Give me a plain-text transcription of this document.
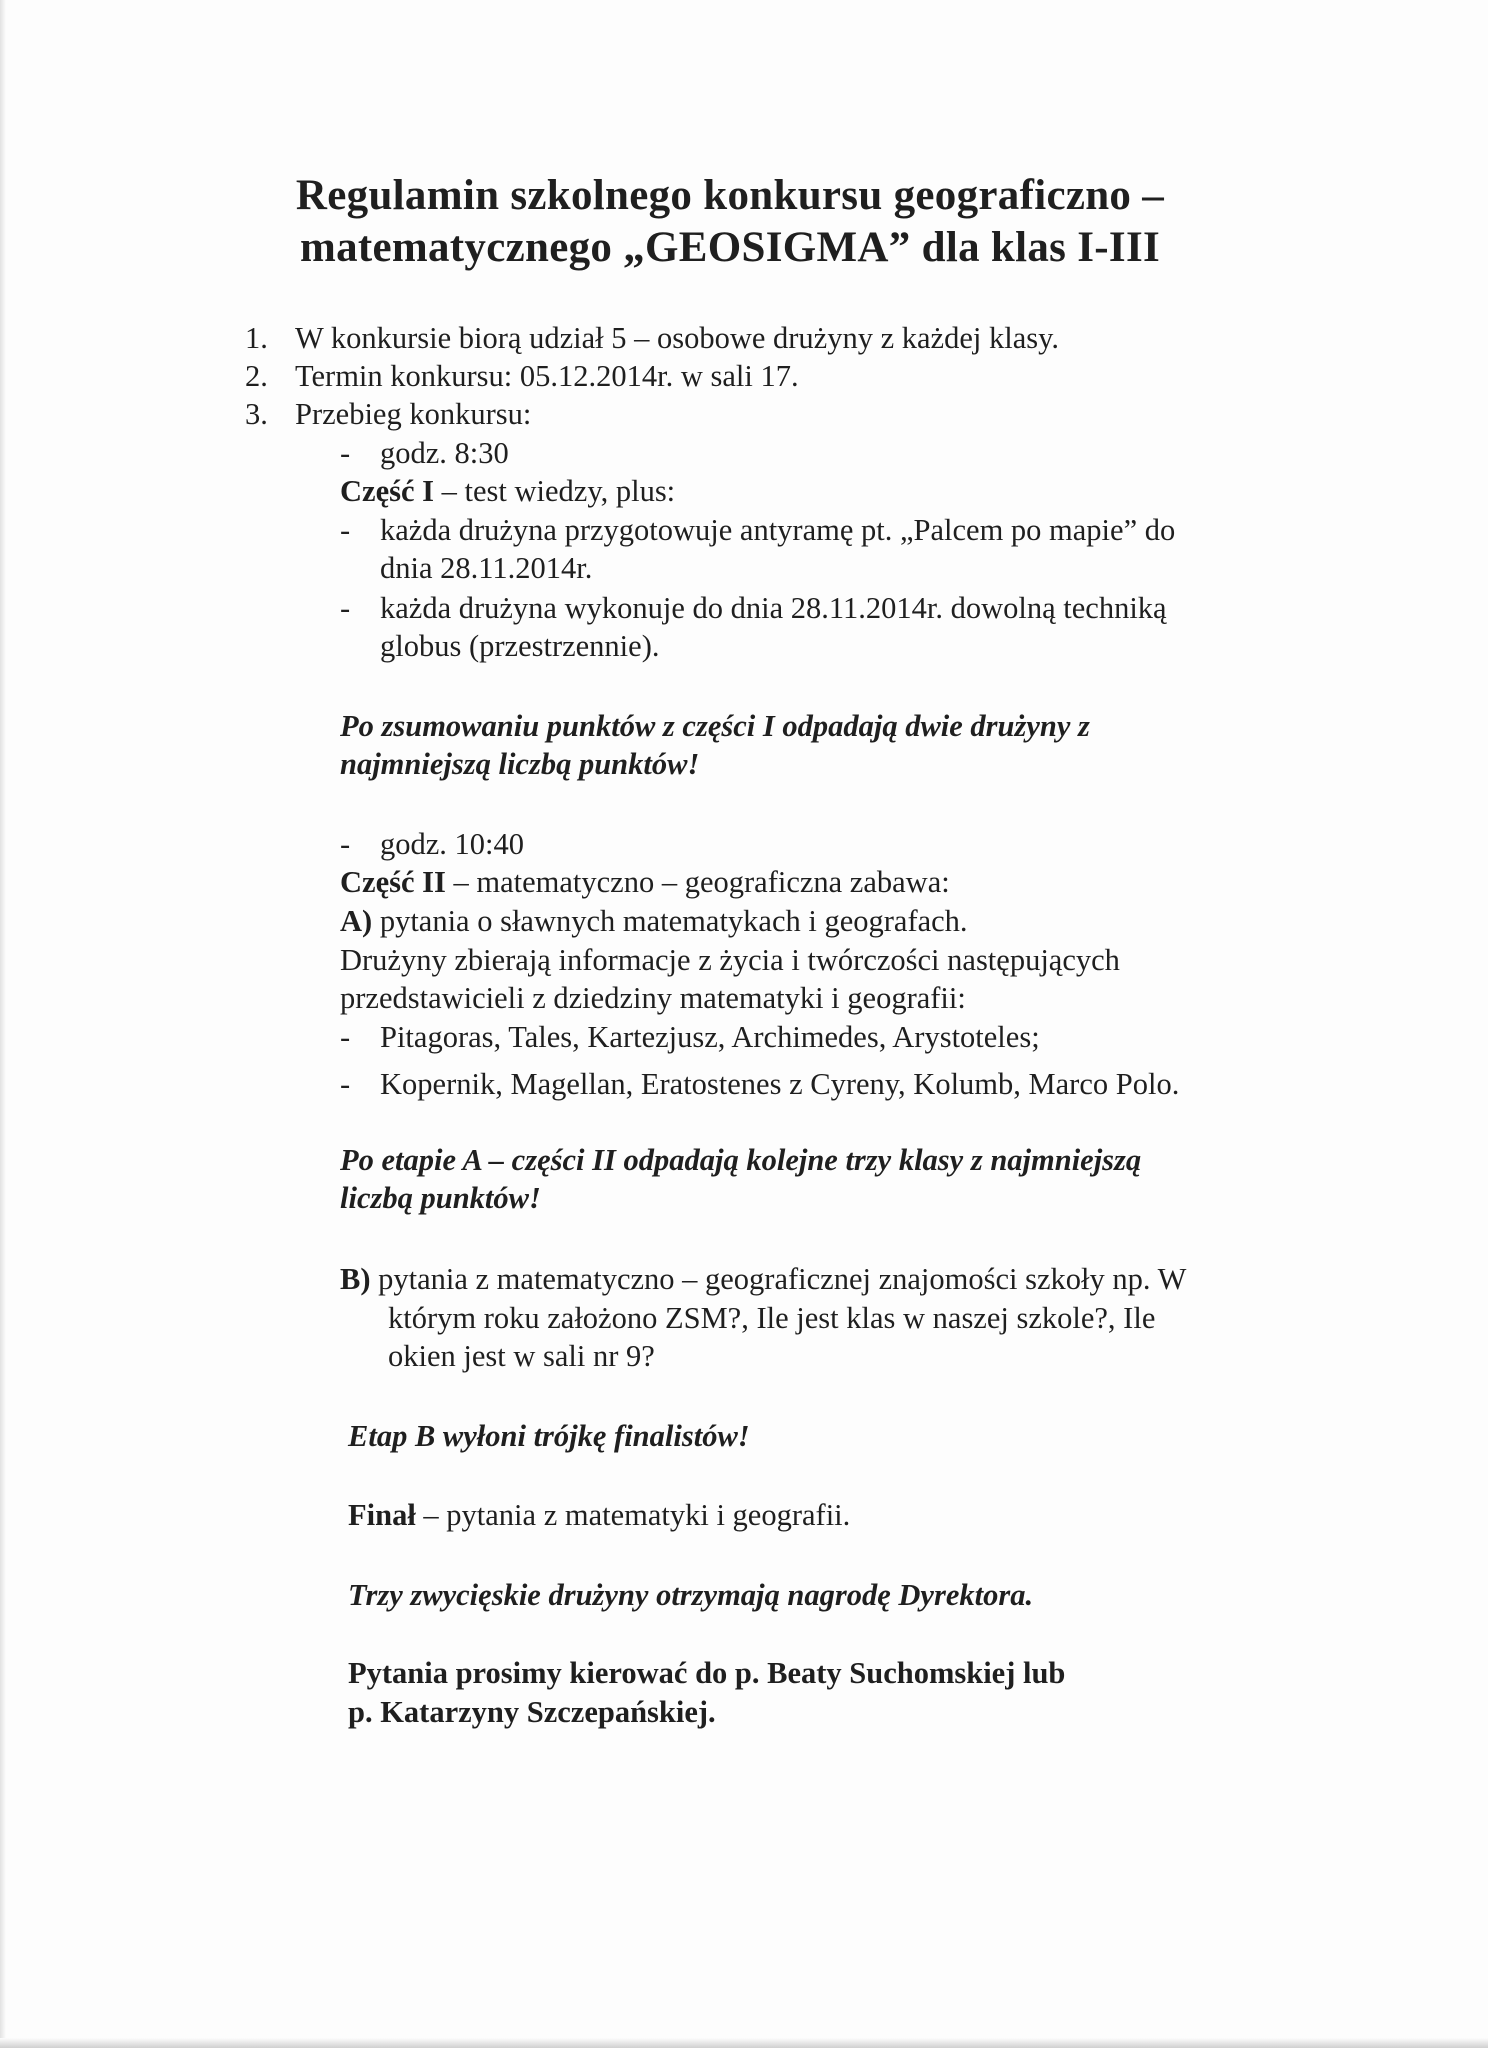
Regulamin szkolnego konkursu geograficzno –
matematycznego „GEOSIGMA” dla klas I-III
1. W konkursie biorą udział 5 – osobowe drużyny z każdej klasy.
2. Termin konkursu: 05.12.2014r. w sali 17.
3. Przebieg konkursu:
- godz. 8:30
Część I – test wiedzy, plus:
- każda drużyna przygotowuje antyramę pt. „Palcem po mapie” do
dnia 28.11.2014r.
- każda drużyna wykonuje do dnia 28.11.2014r. dowolną techniką
globus (przestrzennie).
Po zsumowaniu punktów z części I odpadają dwie drużyny z
najmniejszą liczbą punktów!
- godz. 10:40
Część II – matematyczno – geograficzna zabawa:
A) pytania o sławnych matematykach i geografach.
Drużyny zbierają informacje z życia i twórczości następujących
przedstawicieli z dziedziny matematyki i geografii:
- Pitagoras, Tales, Kartezjusz, Archimedes, Arystoteles;
- Kopernik, Magellan, Eratostenes z Cyreny, Kolumb, Marco Polo.
Po etapie A – części II odpadają kolejne trzy klasy z najmniejszą
liczbą punktów!
B) pytania z matematyczno – geograficznej znajomości szkoły np. W
którym roku założono ZSM?, Ile jest klas w naszej szkole?, Ile
okien jest w sali nr 9?
Etap B wyłoni trójkę finalistów!
Finał – pytania z matematyki i geografii.
Trzy zwycięskie drużyny otrzymają nagrodę Dyrektora.
Pytania prosimy kierować do p. Beaty Suchomskiej lub
p. Katarzyny Szczepańskiej.
